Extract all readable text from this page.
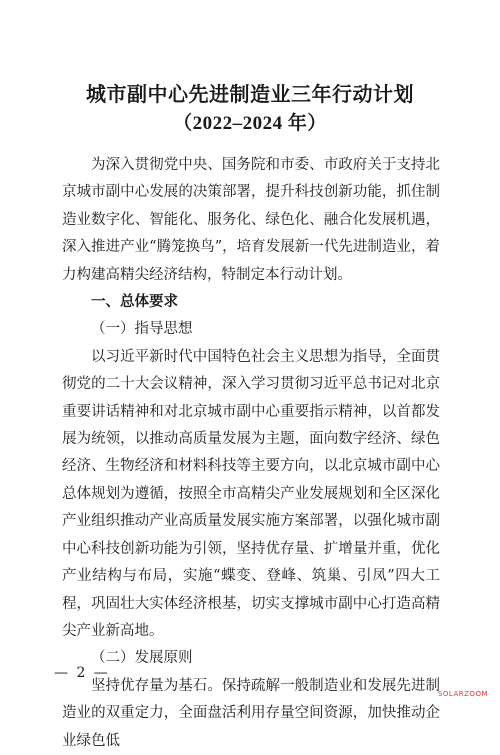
城市副中心先进制造业三年行动计划
（2022–2024 年）

为深入贯彻党中央、国务院和市委、市政府关于支持北京城市副中心发展的决策部署，提升科技创新功能，抓住制造业数字化、智能化、服务化、绿色化、融合化发展机遇，深入推进产业“腾笼换鸟”，培育发展新一代先进制造业，着力构建高精尖经济结构，特制定本行动计划。

一、总体要求

（一）指导思想

以习近平新时代中国特色社会主义思想为指导，全面贯彻党的二十大会议精神，深入学习贯彻习近平总书记对北京重要讲话精神和对北京城市副中心重要指示精神，以首都发展为统领，以推动高质量发展为主题，面向数字经济、绿色经济、生物经济和材料科技等主要方向，以北京城市副中心总体规划为遵循，按照全市高精尖产业发展规划和全区深化产业组织推动产业高质量发展实施方案部署，以强化城市副中心科技创新功能为引领，坚持优存量、扩增量并重，优化产业结构与布局，实施“蝶变、登峰、筑巢、引凤”四大工程，巩固壮大实体经济根基，切实支撑城市副中心打造高精尖产业新高地。

（二）发展原则

坚持优存量为基石。保持疏解一般制造业和发展先进制造业的双重定力，全面盘活利用存量空间资源，加快推动企业绿色低

— 2 —
SOLARZOOM
